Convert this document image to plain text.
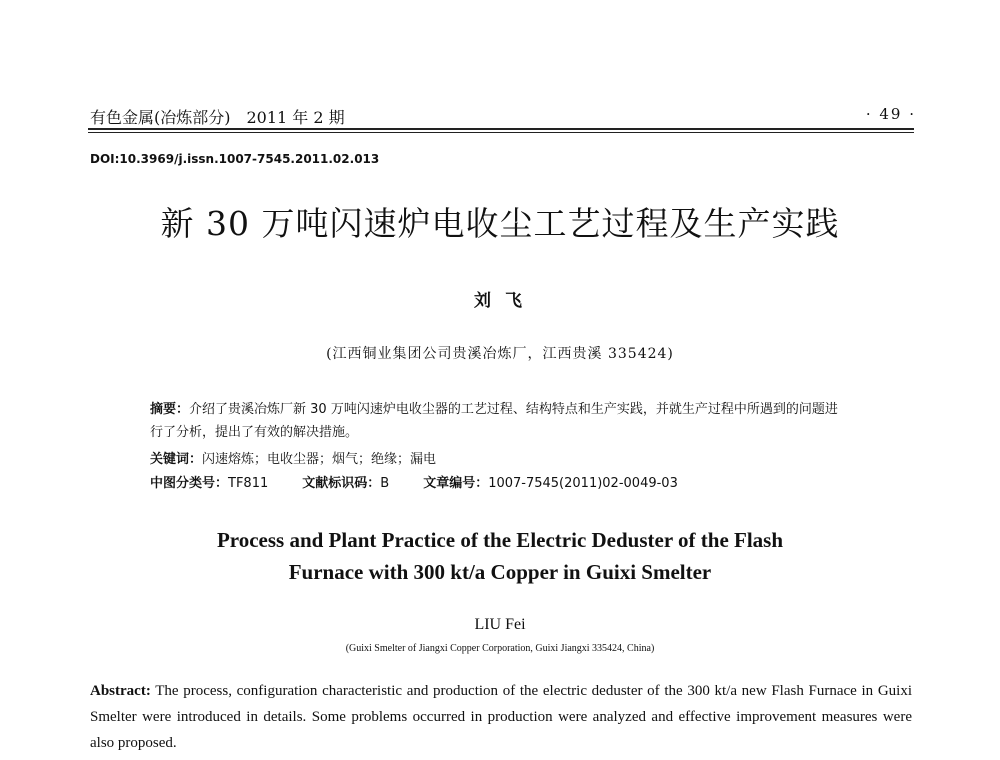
有色金属(冶炼部分) 2011 年 2 期	· 49 ·
DOI:10.3969/j.issn.1007-7545.2011.02.013
新 30 万吨闪速炉电收尘工艺过程及生产实践
刘 飞
(江西铜业集团公司贵溪冶炼厂，江西贵溪 335424)
摘要：介绍了贵溪冶炼厂新 30 万吨闪速炉电收尘器的工艺过程、结构特点和生产实践，并就生产过程中所遇到的问题进行了分析，提出了有效的解决措施。
关键词：闪速熔炼；电收尘器；烟气；绝缘；漏电
中图分类号：TF811	文献标识码：B	文章编号：1007-7545(2011)02-0049-03
Process and Plant Practice of the Electric Deduster of the Flash
Furnace with 300 kt/a Copper in Guixi Smelter
LIU Fei
(Guixi Smelter of Jiangxi Copper Corporation, Guixi Jiangxi 335424, China)
Abstract: The process, configuration characteristic and production of the electric deduster of the 300 kt/a new Flash Furnace in Guixi Smelter were introduced in details. Some problems occurred in production were analyzed and effective improvement measures were also proposed.
